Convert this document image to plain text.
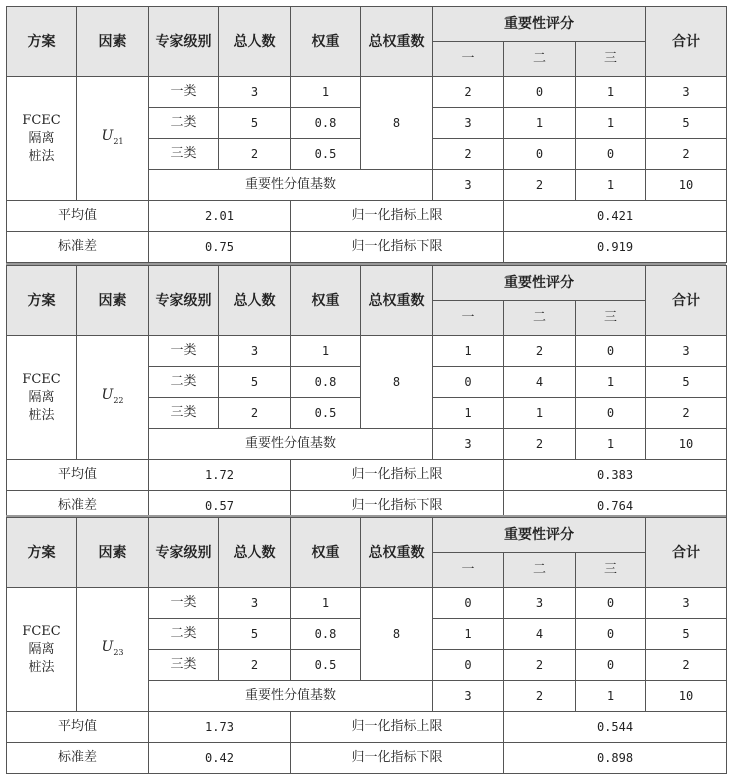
方案	因素	专家级别	总人数	权重	总权重数	重要性评分			合计
						一	二	三	

FCEC
隔离
桩法	$U_{21}$	一类	3	1	8	2	0	1	3
		二类	5	0.8		3	1	1	5
		三类	2	0.5		2	0	0	2
		重要性分值基数				3	2	1	10
平均值		2.01		归一化指标上限			0.421		
标准差		0.75		归一化指标下限			0.919		
方案	因素	专家级别	总人数	权重	总权重数	重要性评分			合计
						一	二	三	

FCEC
隔离
桩法	$U_{22}$	一类	3	1	8	1	2	0	3
		二类	5	0.8		0	4	1	5
		三类	2	0.5		1	1	0	2
		重要性分值基数				3	2	1	10
平均值		1.72		归一化指标上限			0.383		
标准差		0.57		归一化指标下限			0.764		
方案	因素	专家级别	总人数	权重	总权重数	重要性评分			合计
						一	二	三	

FCEC
隔离
桩法	$U_{23}$	一类	3	1	8	0	3	0	3
		二类	5	0.8		1	4	0	5
		三类	2	0.5		0	2	0	2
		重要性分值基数				3	2	1	10
平均值		1.73		归一化指标上限			0.544		
标准差		0.42		归一化指标下限			0.898		
